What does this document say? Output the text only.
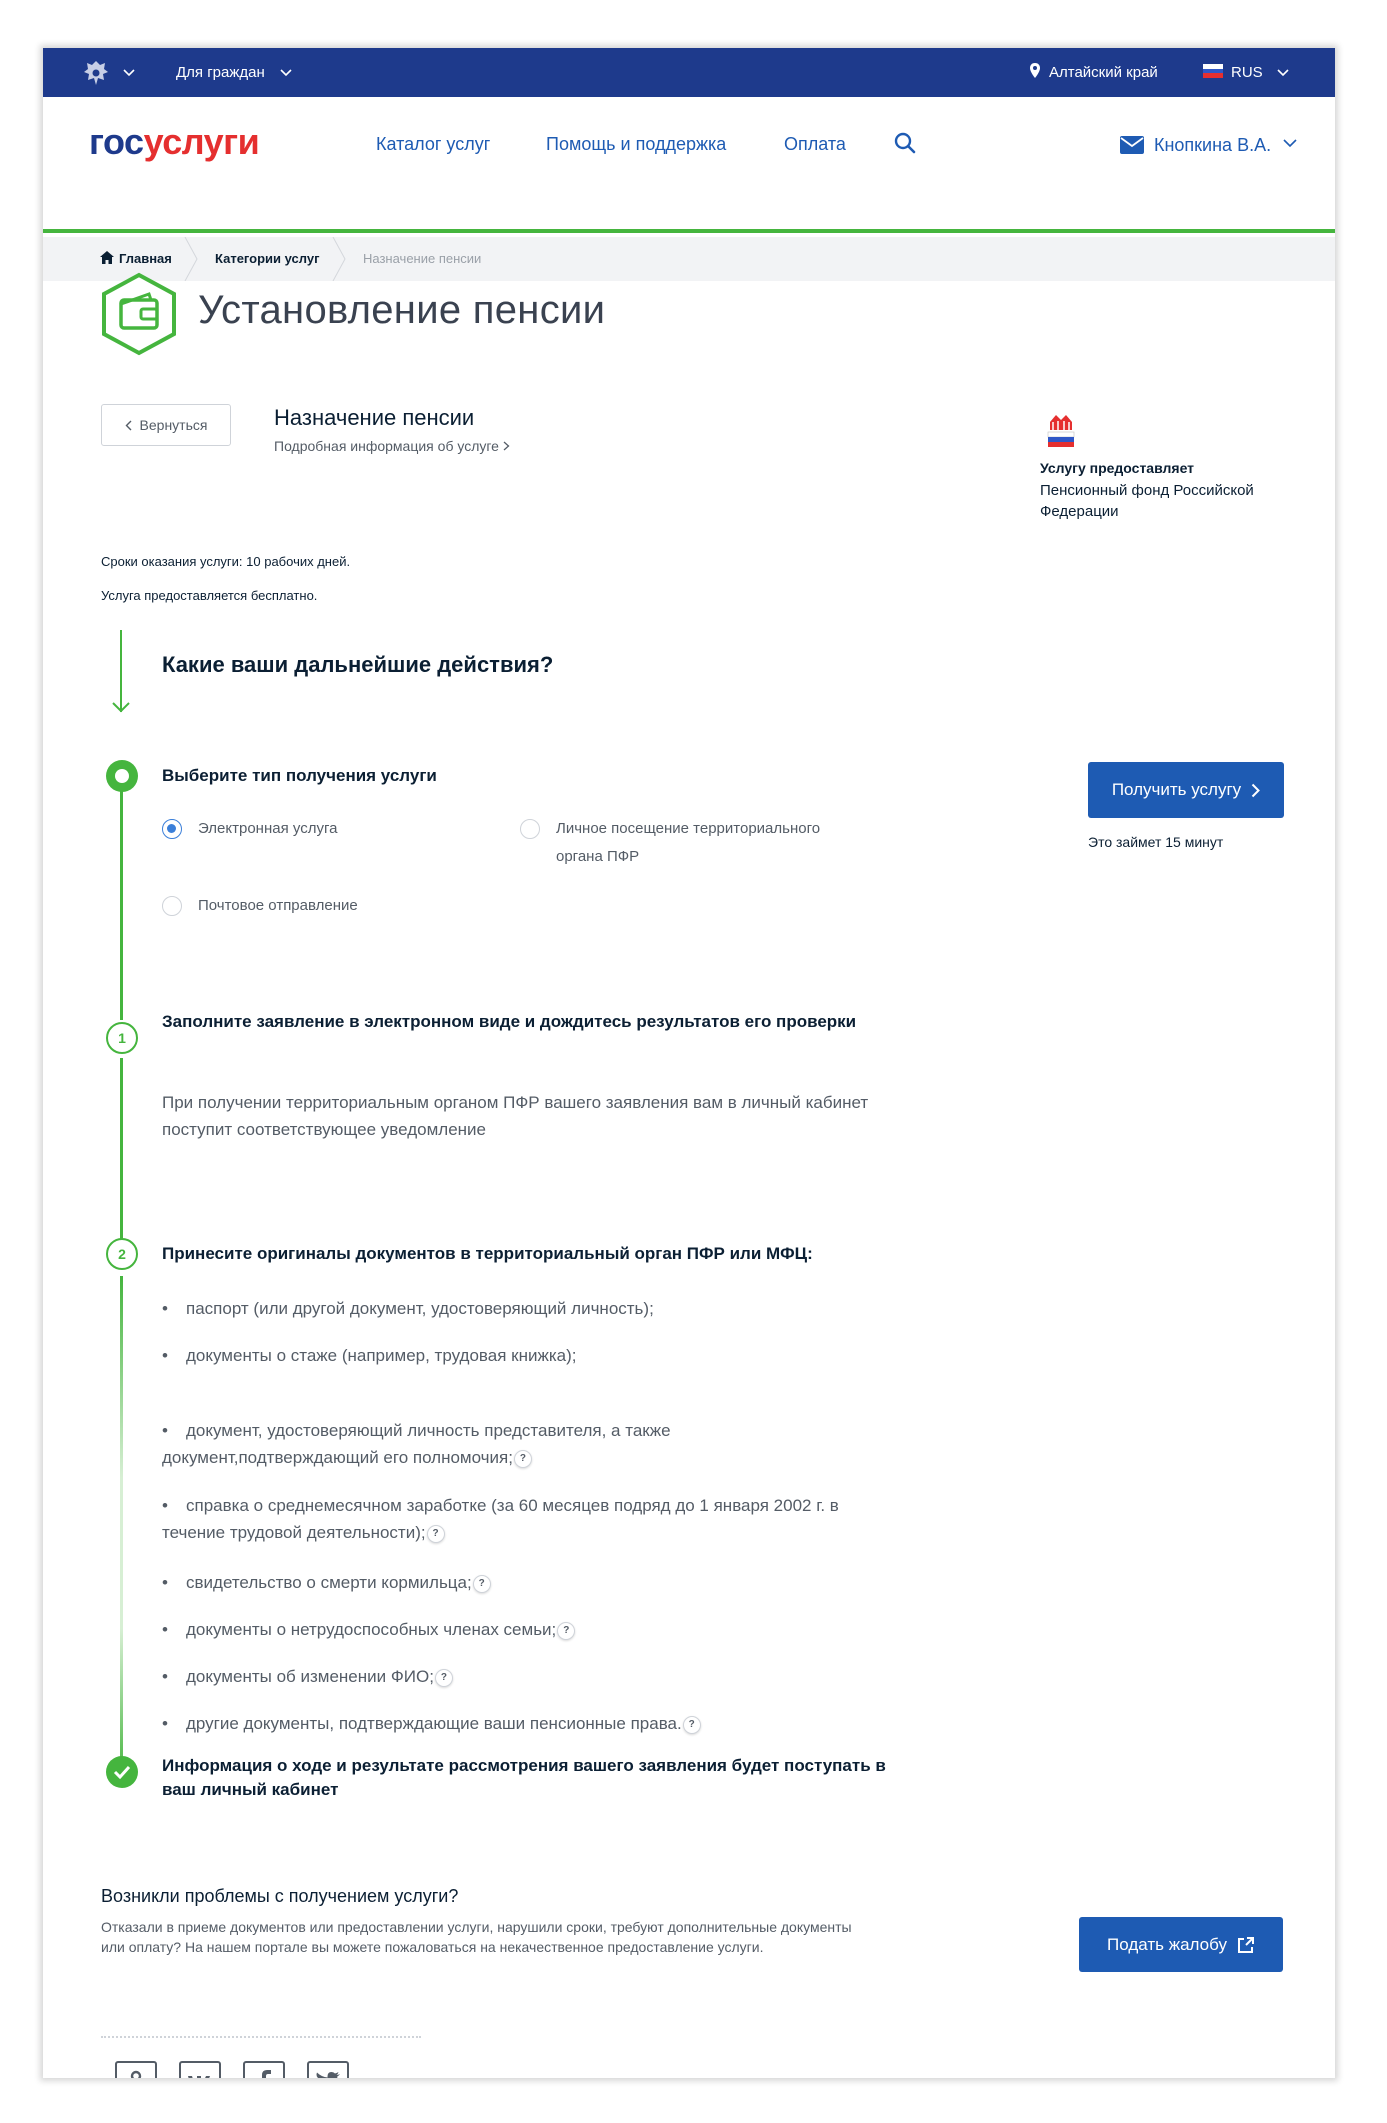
Для граждан	Алтайский край	RUS
госуслуги	Каталог услуг	Помощь и поддержка	Оплата	Кнопкина В.А.
Главная	Категории услуг	Назначение пенсии
Установление пенсии
Вернуться	Назначение пенсии
Подробная информация об услуге
Услугу предоставляет
Пенсионный фонд Российской Федерации
Сроки оказания услуги: 10 рабочих дней.
Услуга предоставляется бесплатно.
Какие ваши дальнейшие действия?
Выберите тип получения услуги
Электронная услуга	Личное посещение территориального органа ПФР
Почтовое отправление
Получить услугу
Это займет 15 минут
1
Заполните заявление в электронном виде и дождитесь результатов его проверки
При получении территориальным органом ПФР вашего заявления вам в личный кабинет поступит соответствующее уведомление
2	Принесите оригиналы документов в территориальный орган ПФР или МФЦ:
• паспорт (или другой документ, удостоверяющий личность);
• документы о стаже (например, трудовая книжка);
• документ, удостоверяющий личность представителя, а также документ,подтверждающий его полномочия; ?
• справка о среднемесячном заработке (за 60 месяцев подряд до 1 января 2002 г. в течение трудовой деятельности); ?
• свидетельство о смерти кормильца; ?
• документы о нетрудоспособных членах семьи; ?
• документы об изменении ФИО; ?
• другие документы, подтверждающие ваши пенсионные права. ?
Информация о ходе и результате рассмотрения вашего заявления будет поступать в ваш личный кабинет
Возникли проблемы с получением услуги?
Отказали в приеме документов или предоставлении услуги, нарушили сроки, требуют дополнительные документы или оплату? На нашем портале вы можете пожаловаться на некачественное предоставление услуги.	Подать жалобу
